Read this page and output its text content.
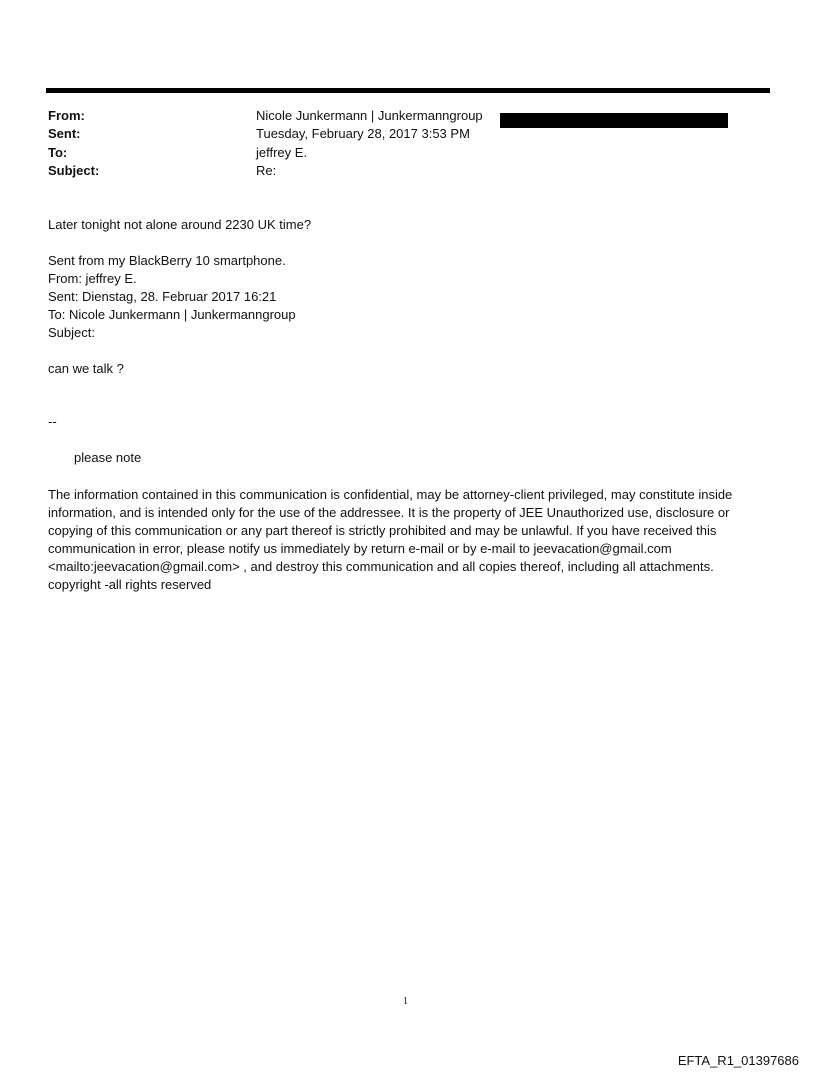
From:	Nicole Junkermann | Junkermanngroup
Sent:	Tuesday, February 28, 2017 3:53 PM
To:	jeffrey E.
Subject:	Re:
Later tonight not alone around 2230 UK time?
Sent from my BlackBerry 10 smartphone.
From: jeffrey E.
Sent: Dienstag, 28. Februar 2017 16:21
To: Nicole Junkermann | Junkermanngroup
Subject:
can we talk ?
--
please note
The information contained in this communication is confidential, may be attorney-client privileged, may constitute inside information, and is intended only for the use of the addressee. It is the property of JEE Unauthorized use, disclosure or copying of this communication or any part thereof is strictly prohibited and may be unlawful. If you have received this communication in error, please notify us immediately by return e-mail or by e-mail to jeevacation@gmail.com <mailto:jeevacation@gmail.com> , and destroy this communication and all copies thereof, including all attachments. copyright -all rights reserved
1
EFTA_R1_01397686
